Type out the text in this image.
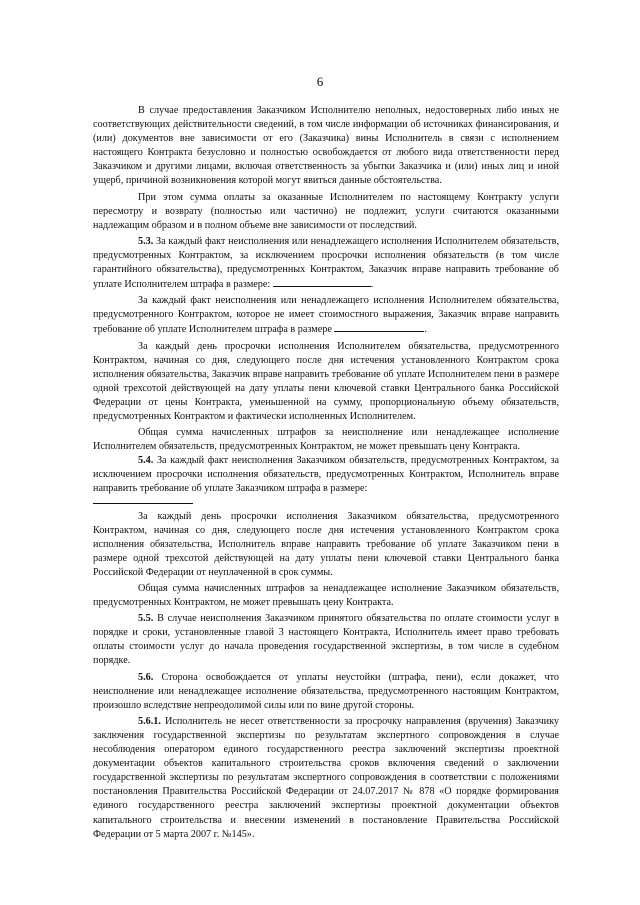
6

В случае предоставления Заказчиком Исполнителю неполных, недостоверных либо иных не соответствующих действительности сведений, в том числе информации об источниках финансирования, и (или) документов вне зависимости от его (Заказчика) вины Исполнитель в связи с исполнением настоящего Контракта безусловно и полностью освобождается от любого вида ответственности перед Заказчиком и другими лицами, включая ответственность за убытки Заказчика и (или) иных лиц и иной ущерб, причиной возникновения которой могут явиться данные обстоятельства.

При этом сумма оплаты за оказанные Исполнителем по настоящему Контракту услуги пересмотру и возврату (полностью или частично) не подлежит, услуги считаются оказанными надлежащим образом и в полном объеме вне зависимости от последствий.

5.3. За каждый факт неисполнения или ненадлежащего исполнения Исполнителем обязательств, предусмотренных Контрактом, за исключением просрочки исполнения обязательств (в том числе гарантийного обязательства), предусмотренных Контрактом, Заказчик вправе направить требование об уплате Исполнителем штрафа в размере:	.

За каждый факт неисполнения или ненадлежащего исполнения Исполнителем обязательства, предусмотренного Контрактом, которое не имеет стоимостного выражения, Заказчик вправе направить требование об уплате Исполнителем штрафа в размере	.

За каждый день просрочки исполнения Исполнителем обязательства, предусмотренного Контрактом, начиная со дня, следующего после дня истечения установленного Контрактом срока исполнения обязательства, Заказчик вправе направить требование об уплате Исполнителем пени в размере одной трехсотой действующей на дату уплаты пени ключевой ставки Центрального банка Российской Федерации от цены Контракта, уменьшенной на сумму, пропорциональную объему обязательств, предусмотренных Контрактом и фактически исполненных Исполнителем.

Общая сумма начисленных штрафов за неисполнение или ненадлежащее исполнение Исполнителем обязательств, предусмотренных Контрактом, не может превышать цену Контракта.

5.4. За каждый факт неисполнения Заказчиком обязательств, предусмотренных Контрактом, за исключением просрочки исполнения обязательств, предусмотренных Контрактом, Исполнитель вправе направить требование об уплате Заказчиком штрафа в размере:

За каждый день просрочки исполнения Заказчиком обязательства, предусмотренного Контрактом, начиная со дня, следующего после дня истечения установленного Контрактом срока исполнения обязательства, Исполнитель вправе направить требование об уплате Заказчиком пени в размере одной трехсотой действующей на дату уплаты пени ключевой ставки Центрального банка Российской Федерации от неуплаченной в срок суммы.

Общая сумма начисленных штрафов за ненадлежащее исполнение Заказчиком обязательств, предусмотренных Контрактом, не может превышать цену Контракта.

5.5. В случае неисполнения Заказчиком принятого обязательства по оплате стоимости услуг в порядке и сроки, установленные главой 3 настоящего Контракта, Исполнитель имеет право требовать оплаты стоимости услуг до начала проведения государственной экспертизы, в том числе в судебном порядке.

5.6. Сторона освобождается от уплаты неустойки (штрафа, пени), если докажет, что неисполнение или ненадлежащее исполнение обязательства, предусмотренного настоящим Контрактом, произошло вследствие непреодолимой силы или по вине другой стороны.

5.6.1. Исполнитель не несет ответственности за просрочку направления (вручения) Заказчику заключения государственной экспертизы по результатам экспертного сопровождения в случае несоблюдения оператором единого государственного реестра заключений экспертизы проектной документации объектов капитального строительства сроков включения сведений о заключении государственной экспертизы по результатам экспертного сопровождения в соответствии с положениями постановления Правительства Российской Федерации от 24.07.2017 № 878 «О порядке формирования единого государственного реестра заключений экспертизы проектной документации объектов капитального строительства и внесении изменений в постановление Правительства Российской Федерации от 5 марта 2007 г. №145».
